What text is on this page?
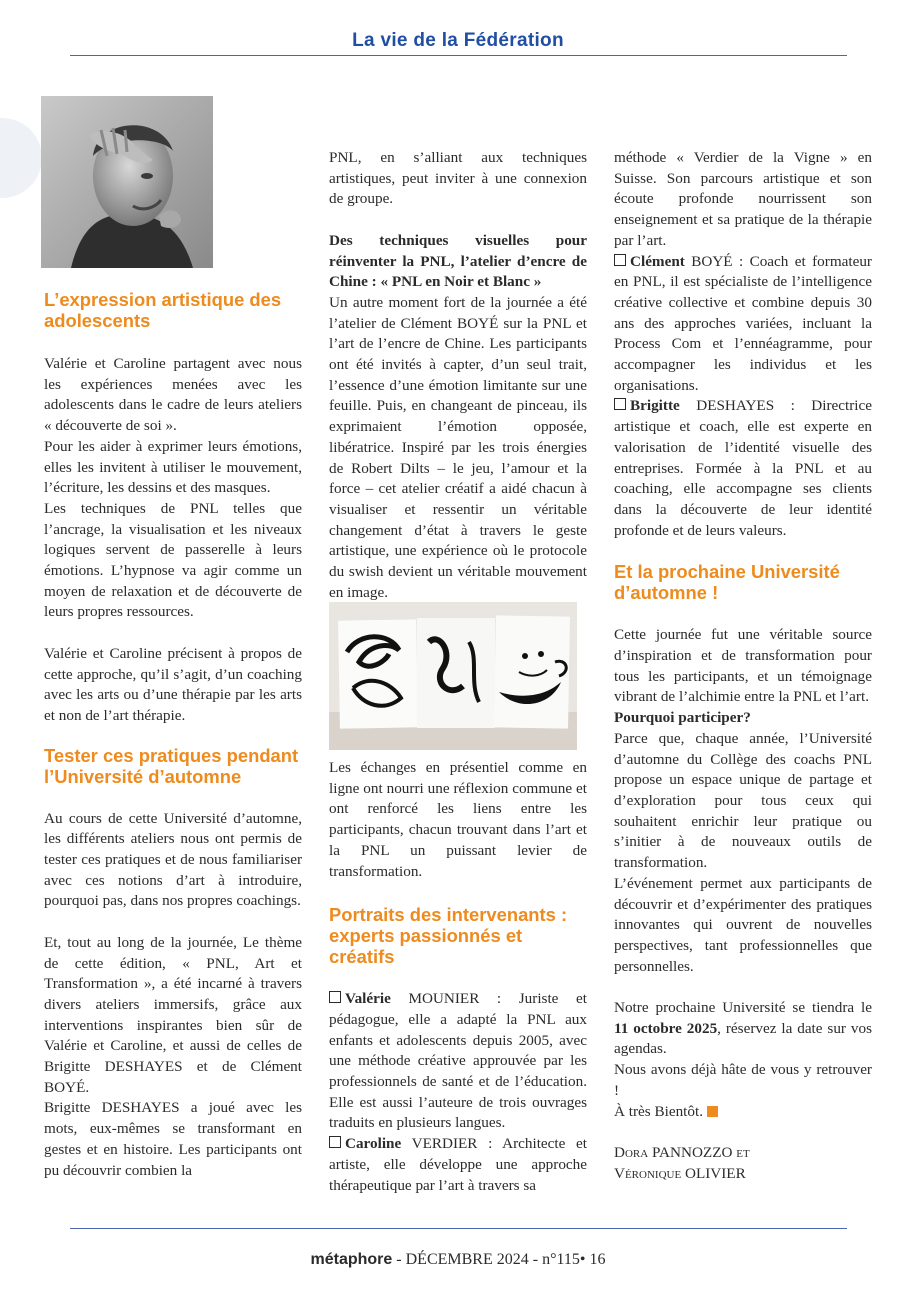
La vie de la Fédération
L’expression artistique des adolescents

Valérie et Caroline partagent avec nous les expériences menées avec les adolescents dans le cadre de leurs ateliers « découverte de soi ».

Pour les aider à exprimer leurs émotions, elles les invitent à utiliser le mouvement, l’écriture, les dessins et des masques.

Les techniques de PNL telles que l’ancrage, la visualisation et les niveaux logiques servent de passerelle à leurs émotions. L’hypnose va agir comme un moyen de relaxation et de découverte de leurs propres ressources.

Valérie et Caroline précisent à propos de cette approche, qu’il s’agit, d’un coaching avec les arts ou d’une thérapie par les arts et non de l’art thérapie.

Tester ces pratiques pendant l’Université d’automne

Au cours de cette Université d’automne, les différents ateliers nous ont permis de tester ces pratiques et de nous familiariser avec ces notions d’art à introduire, pourquoi pas, dans nos propres coachings.

Et, tout au long de la journée, Le thème de cette édition, « PNL, Art et Transformation », a été incarné à travers divers ateliers immersifs, grâce aux interventions inspirantes bien sûr de Valérie et Caroline, et aussi de celles de Brigitte DESHAYES et de Clément BOYÉ.

Brigitte DESHAYES a joué avec les mots, eux-mêmes se transformant en gestes et en histoire. Les participants ont pu découvrir combien la

PNL, en s’alliant aux techniques artistiques, peut inviter à une connexion de groupe.

Des techniques visuelles pour réinventer la PNL, l’atelier d’encre de Chine : « PNL en Noir et Blanc »

Un autre moment fort de la journée a été l’atelier de Clément BOYÉ sur la PNL et l’art de l’encre de Chine. Les participants ont été invités à capter, d’un seul trait, l’essence d’une émotion limitante sur une feuille. Puis, en changeant de pinceau, ils exprimaient l’émotion opposée, libératrice. Inspiré par les trois énergies de Robert Dilts – le jeu, l’amour et la force – cet atelier créatif a aidé chacun à visualiser et ressentir un véritable changement d’état à travers le geste artistique, une expérience où le protocole du swish devient un véritable mouvement en image.

Les échanges en présentiel comme en ligne ont nourri une réflexion commune et ont renforcé les liens entre les participants, chacun trouvant dans l’art et la PNL un puissant levier de transformation.

Portraits des intervenants : experts passionnés et créatifs

Valérie MOUNIER : Juriste et pédagogue, elle a adapté la PNL aux enfants et adolescents depuis 2005, avec une méthode créative approuvée par les professionnels de santé et de l’éducation. Elle est aussi l’auteure de trois ouvrages traduits en plusieurs langues.

Caroline VERDIER : Architecte et artiste, elle développe une approche thérapeutique par l’art à travers sa

méthode « Verdier de la Vigne » en Suisse. Son parcours artistique et son écoute profonde nourrissent son enseignement et sa pratique de la thérapie par l’art.

Clément BOYÉ : Coach et formateur en PNL, il est spécialiste de l’intelligence créative collective et combine depuis 30 ans des approches variées, incluant la Process Com et l’ennéagramme, pour accompagner les individus et les organisations.

Brigitte DESHAYES : Directrice artistique et coach, elle est experte en valorisation de l’identité visuelle des entreprises. Formée à la PNL et au coaching, elle accompagne ses clients dans la découverte de leur identité profonde et de leurs valeurs.

Et la prochaine Université d’automne !

Cette journée fut une véritable source d’inspiration et de transformation pour tous les participants, et un témoignage vibrant de l’alchimie entre la PNL et l’art.

Pourquoi participer?

Parce que, chaque année, l’Université d’automne du Collège des coachs PNL propose un espace unique de partage et d’exploration pour tous ceux qui souhaitent enrichir leur pratique ou s’initier à de nouveaux outils de transformation.

L’événement permet aux participants de découvrir et d’expérimenter des pratiques innovantes qui ouvrent de nouvelles perspectives, tant professionnelles que personnelles.

Notre prochaine Université se tiendra le 11 octobre 2025, réservez la date sur vos agendas.

Nous avons déjà hâte de vous y retrouver !

À très Bientôt.

Dora PANNOZZO et

Véronique OLIVIER

métaphore - DÉCEMBRE 2024 - n°115• 16
